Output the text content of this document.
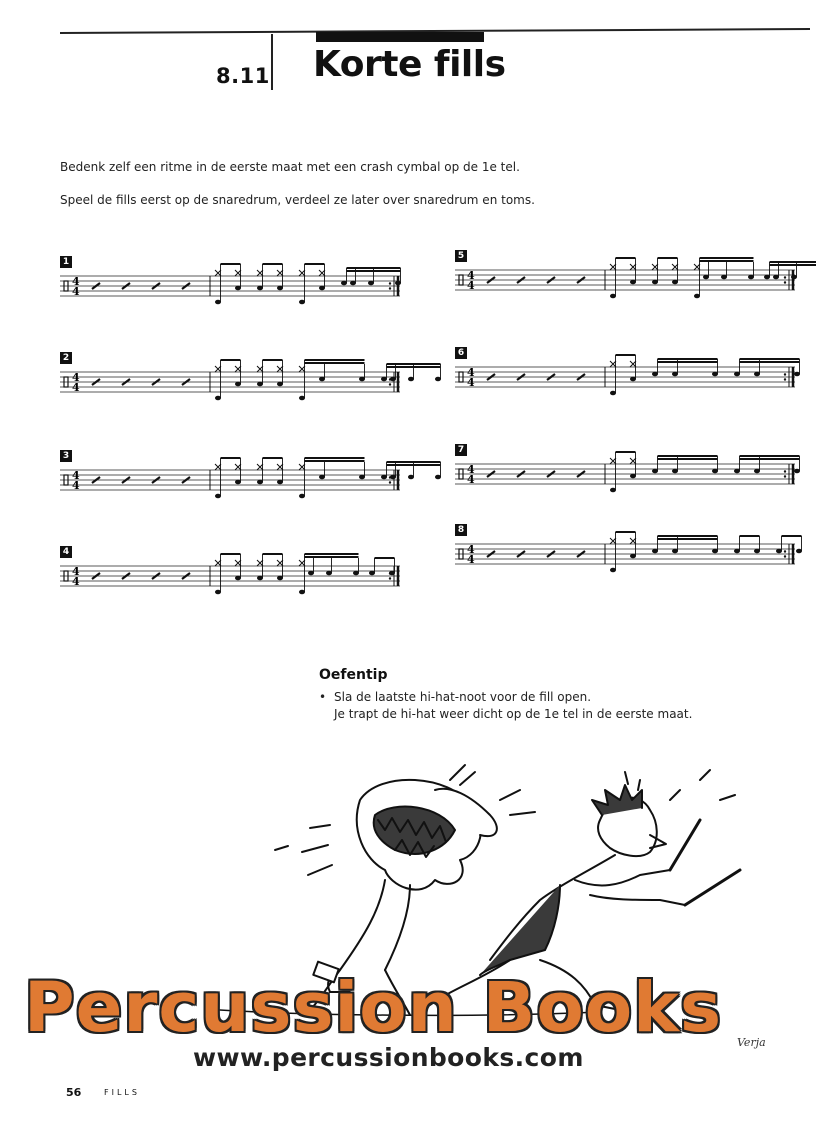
8.11 Korte fills

Bedenk zelf een ritme in de eerste maat met een crash cymbal op de 1e tel.

Speel de fills eerst op de snaredrum, verdeel ze later over snaredrum en toms.

1
4
4
2
4
4
3
4
4
4
4
4
5
4
4
6
4
4
7
4
4
8
4
4
Oefentip
• Sla de laatste hi-hat-noot voor de fill open.
Je trapt de hi-hat weer dicht op de 1e tel in de eerste maat.
Percussion Books
www.percussionbooks.com
Verja
56	FILLS
